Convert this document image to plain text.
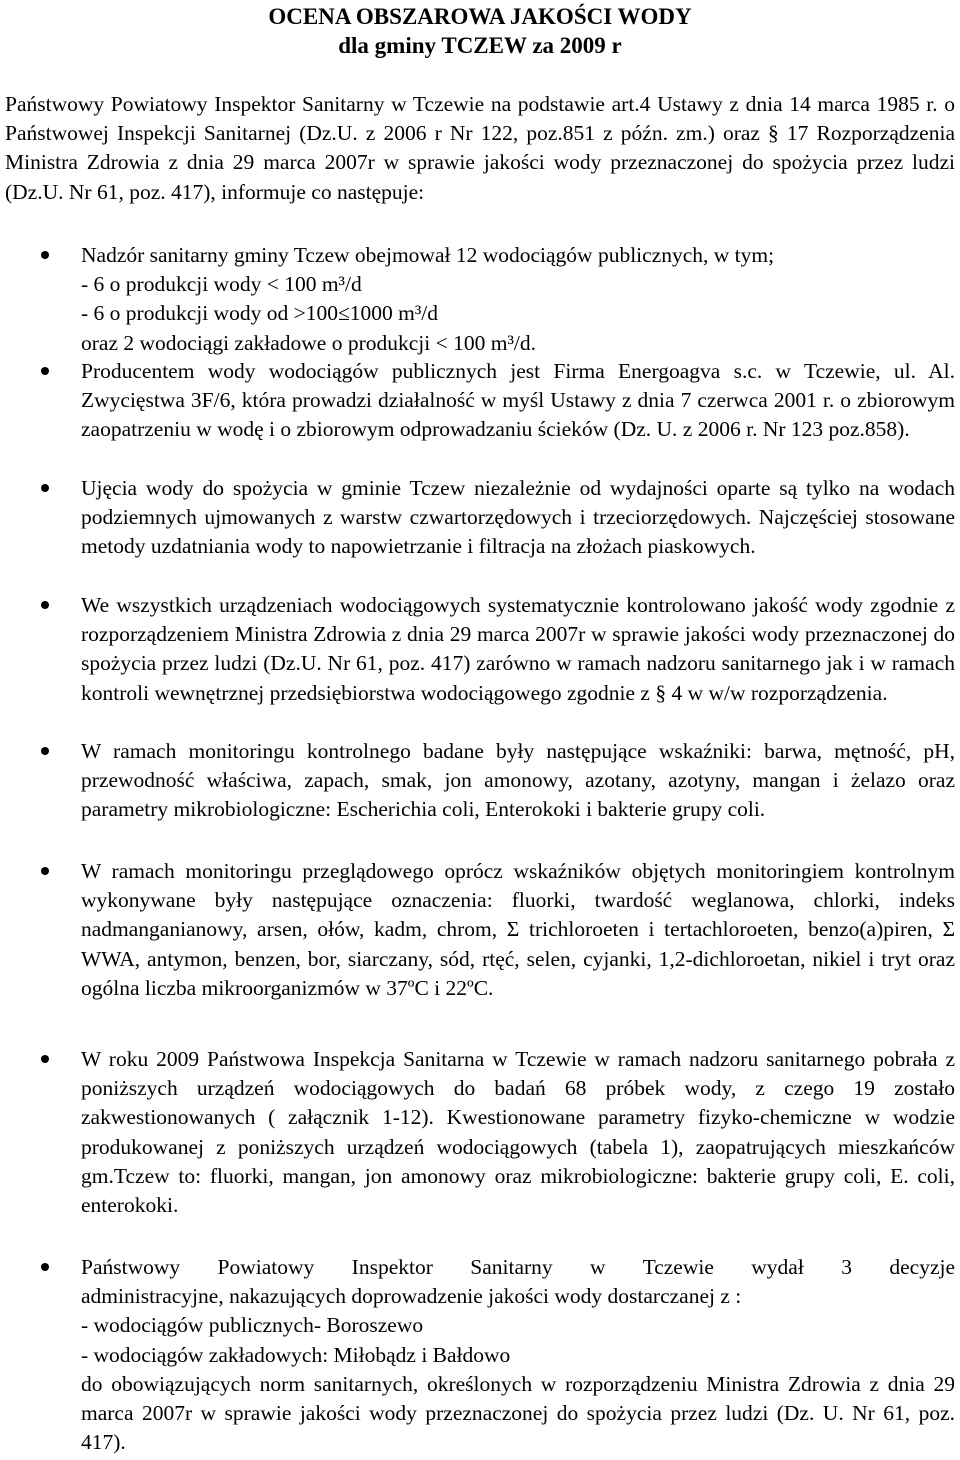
OCENA OBSZAROWA JAKOŚCI WODY
dla gminy TCZEW za 2009 r

Państwowy Powiatowy Inspektor Sanitarny w Tczewie na podstawie art.4 Ustawy z dnia 14 marca 1985 r. o Państwowej Inspekcji Sanitarnej (Dz.U. z 2006 r Nr 122, poz.851 z późn. zm.) oraz § 17 Rozporządzenia Ministra Zdrowia z dnia 29 marca 2007r w sprawie jakości wody przeznaczonej do spożycia przez ludzi (Dz.U. Nr 61, poz. 417), informuje co następuje:

Nadzór sanitarny gminy Tczew obejmował 12 wodociągów publicznych, w tym;
- 6 o produkcji wody < 100 m³/d
- 6 o produkcji wody od >100≤1000 m³/d
oraz 2 wodociągi zakładowe o produkcji < 100 m³/d.

Producentem wody wodociągów publicznych jest Firma Energoagva s.c. w Tczewie, ul. Al. Zwycięstwa 3F/6, która prowadzi działalność w myśl Ustawy z dnia 7 czerwca 2001 r. o zbiorowym zaopatrzeniu w wodę i o zbiorowym odprowadzaniu ścieków (Dz. U. z 2006 r. Nr 123 poz.858).

Ujęcia wody do spożycia w gminie Tczew niezależnie od wydajności oparte są tylko na wodach podziemnych ujmowanych z warstw czwartorzędowych i trzeciorzędowych. Najczęściej stosowane metody uzdatniania wody to napowietrzanie i filtracja na złożach piaskowych.

We wszystkich urządzeniach wodociągowych systematycznie kontrolowano jakość wody zgodnie z rozporządzeniem Ministra Zdrowia z dnia 29 marca 2007r w sprawie jakości wody przeznaczonej do spożycia przez ludzi (Dz.U. Nr 61, poz. 417) zarówno w ramach nadzoru sanitarnego jak i w ramach kontroli wewnętrznej przedsiębiorstwa wodociągowego zgodnie z § 4 w w/w rozporządzenia.

W ramach monitoringu kontrolnego badane były następujące wskaźniki: barwa, mętność, pH, przewodność właściwa, zapach, smak, jon amonowy, azotany, azotyny, mangan i żelazo oraz parametry mikrobiologiczne: Escherichia coli, Enterokoki i bakterie grupy coli.

W ramach monitoringu przeglądowego oprócz wskaźników objętych monitoringiem kontrolnym wykonywane były następujące oznaczenia: fluorki, twardość weglanowa, chlorki, indeks nadmanganianowy, arsen, ołów, kadm, chrom, Σ trichloroeten i tertachloroeten, benzo(a)piren, Σ WWA, antymon, benzen, bor, siarczany, sód, rtęć, selen, cyjanki, 1,2-dichloroetan, nikiel i tryt oraz ogólna liczba mikroorganizmów w 37ºC i 22ºC.

W roku 2009 Państwowa Inspekcja Sanitarna w Tczewie w ramach nadzoru sanitarnego pobrała z poniższych urządzeń wodociągowych do badań 68 próbek wody, z czego 19 zostało zakwestionowanych ( załącznik 1-12). Kwestionowane parametry fizyko-chemiczne w wodzie produkowanej z poniższych urządzeń wodociągowych (tabela 1), zaopatrujących mieszkańców gm.Tczew to: fluorki, mangan, jon amonowy oraz mikrobiologiczne: bakterie grupy coli, E. coli, enterokoki.

Państwowy Powiatowy Inspektor Sanitarny w Tczewie wydał 3 decyzje
administracyjne, nakazujących doprowadzenie jakości wody dostarczanej z :
- wodociągów publicznych- Boroszewo
- wodociągów zakładowych: Miłobądz i Bałdowo
do obowiązujących norm sanitarnych, określonych w rozporządzeniu Ministra Zdrowia z dnia 29 marca 2007r w sprawie jakości wody przeznaczonej do spożycia przez ludzi (Dz. U. Nr 61, poz. 417).
